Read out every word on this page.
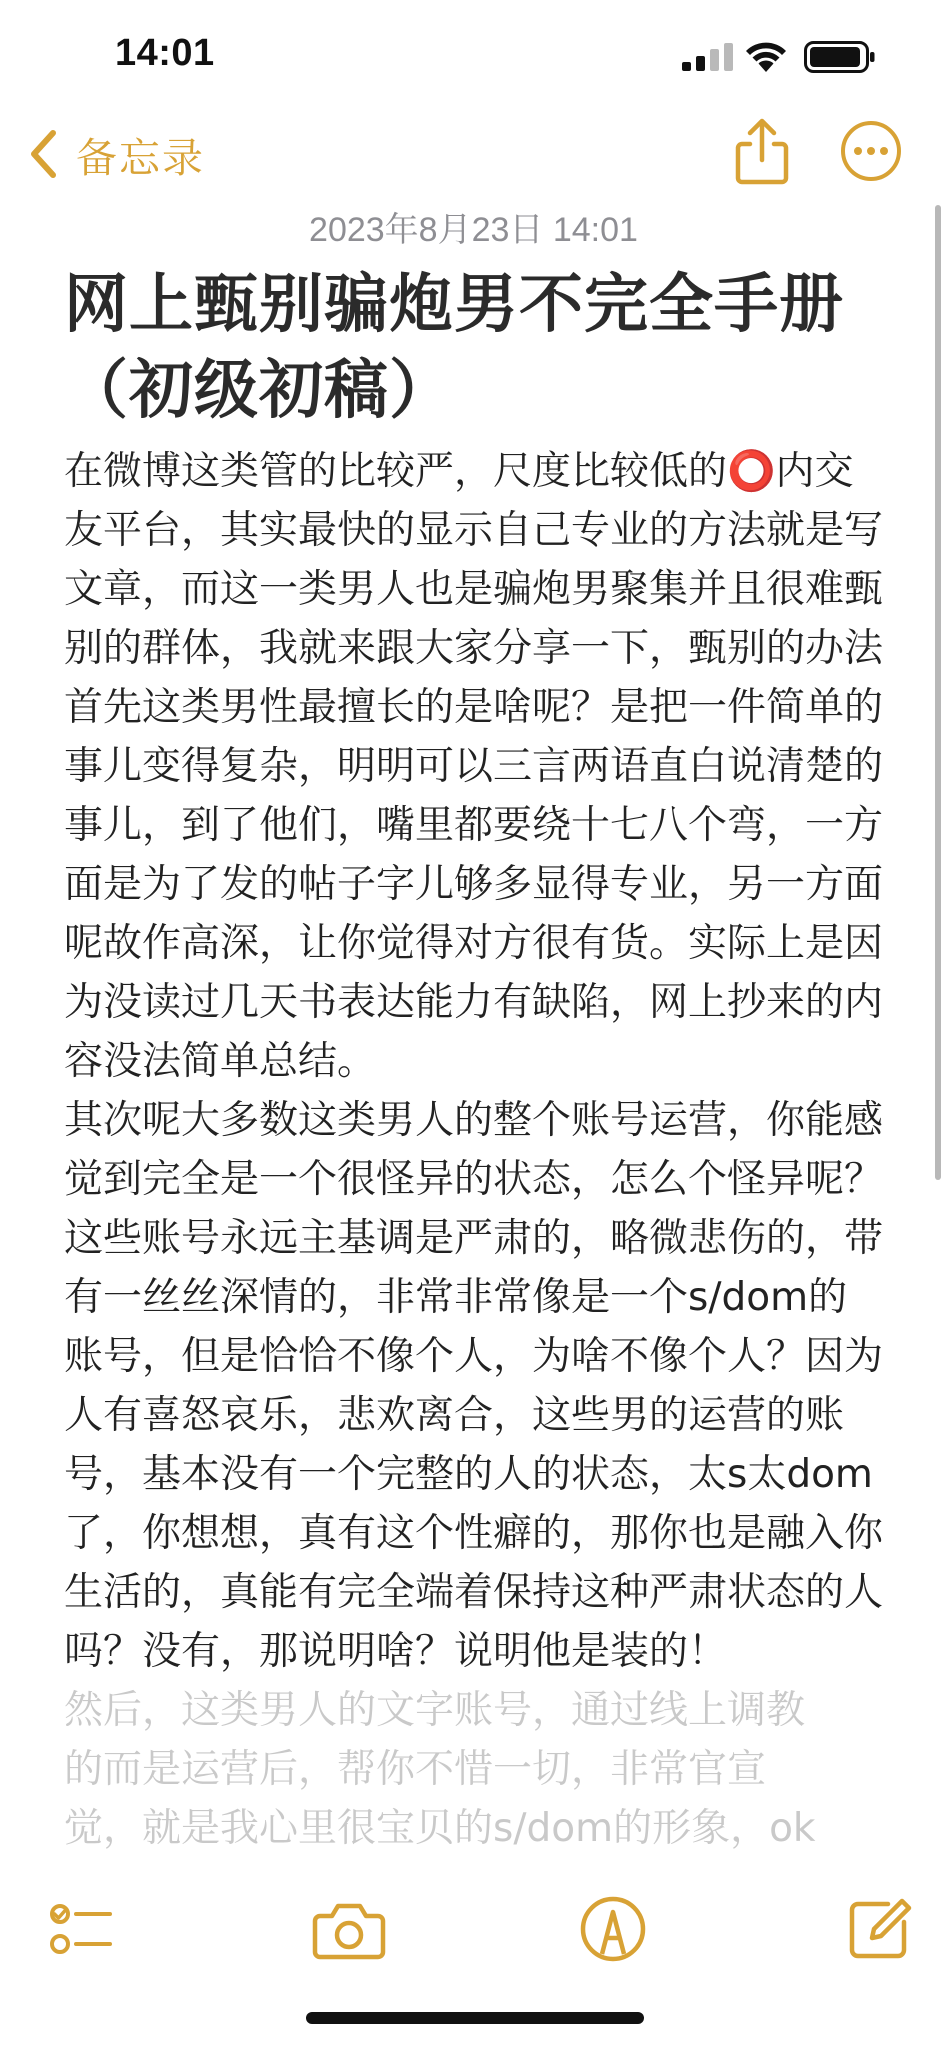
14:01
备忘录
2023年8月23日 14:01
网上甄别骗炮男不完全手册（初级初稿）

在微博这类管的比较严，尺度比较低的⭕内交友平台，其实最快的显示自己专业的方法就是写文章，而这一类男人也是骗炮男聚集并且很难甄别的群体，我就来跟大家分享一下，甄别的办法

首先这类男性最擅长的是啥呢？是把一件简单的事儿变得复杂，明明可以三言两语直白说清楚的事儿，到了他们，嘴里都要绕十七八个弯，一方面是为了发的帖子字儿够多显得专业，另一方面呢故作高深，让你觉得对方很有货。实际上是因为没读过几天书表达能力有缺陷，网上抄来的内容没法简单总结。

其次呢大多数这类男人的整个账号运营，你能感觉到完全是一个很怪异的状态，怎么个怪异呢？这些账号永远主基调是严肃的，略微悲伤的，带有一丝丝深情的，非常非常像是一个s/dom的账号，但是恰恰不像个人，为啥不像个人？因为人有喜怒哀乐，悲欢离合，这些男的运营的账号，基本没有一个完整的人的状态，太s太dom了，你想想，真有这个性癖的，那你也是融入你生活的，真能有完全端着保持这种严肃状态的人吗？没有，那说明啥？说明他是装的！

然后，这类男人的文字账号，通过线上调教

的而是运营后，帮你不惜一切，非常官宣

觉，就是我心里很宝贝的s/dom的形象，ok
